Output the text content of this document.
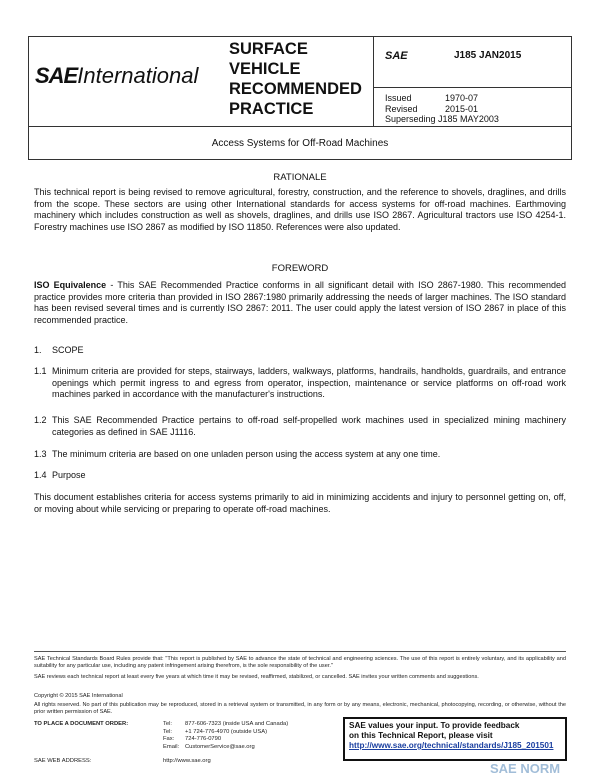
SAEInternational
SURFACE
VEHICLE
RECOMMENDED
PRACTICE
SAE	J185 JAN2015
Issued	1970-07
Revised	2015-01
Superseding J185 MAY2003
Access Systems for Off-Road Machines
RATIONALE
This technical report is being revised to remove agricultural, forestry, construction, and the reference to shovels, draglines, and drills from the scope. These sectors are using other International standards for access systems for off-road machines. Earthmoving machinery which includes construction as well as shovels, draglines, and drills use ISO 2867. Agricultural tractors use ISO 4254-1. Forestry machines use ISO 2867 as modified by ISO 11850. References were also updated.
FOREWORD
ISO Equivalence - This SAE Recommended Practice conforms in all significant detail with ISO 2867-1980. This recommended practice provides more criteria than provided in ISO 2867:1980 primarily addressing the needs of larger machines. The ISO standard has been revised several times and is currently ISO 2867: 2011. The user could apply the latest version of ISO 2867 in place of this recommended practice.
1. SCOPE
1.1 Minimum criteria are provided for steps, stairways, ladders, walkways, platforms, handrails, handholds, guardrails, and entrance openings which permit ingress to and egress from operator, inspection, maintenance or service platforms on off-road work machines parked in accordance with the manufacturer's instructions.
1.2 This SAE Recommended Practice pertains to off-road self-propelled work machines used in specialized mining machinery categories as defined in SAE J1116.
1.3 The minimum criteria are based on one unladen person using the access system at any one time.
1.4 Purpose
This document establishes criteria for access systems primarily to aid in minimizing accidents and injury to personnel getting on, off, or moving about while servicing or preparing to operate off-road machines.
SAE Technical Standards Board Rules provide that: "This report is published by SAE to advance the state of technical and engineering sciences. The use of this report is entirely voluntary, and its applicability and suitability for any particular use, including any patent infringement arising therefrom, is the sole responsibility of the user."
SAE reviews each technical report at least every five years at which time it may be revised, reaffirmed, stabilized, or cancelled. SAE invites your written comments and suggestions.
Copyright © 2015 SAE International
All rights reserved. No part of this publication may be reproduced, stored in a retrieval system or transmitted, in any form or by any means, electronic, mechanical, photocopying, recording, or otherwise, without the prior written permission of SAE.
TO PLACE A DOCUMENT ORDER:	Tel: 877-606-7323 (inside USA and Canada)
Tel: +1 724-776-4970 (outside USA)
Fax: 724-776-0790
Email: CustomerService@sae.org
SAE WEB ADDRESS:	http://www.sae.org
SAE values your input. To provide feedback
on this Technical Report, please visit
http://www.sae.org/technical/standards/J185_201501
SAE NORM
